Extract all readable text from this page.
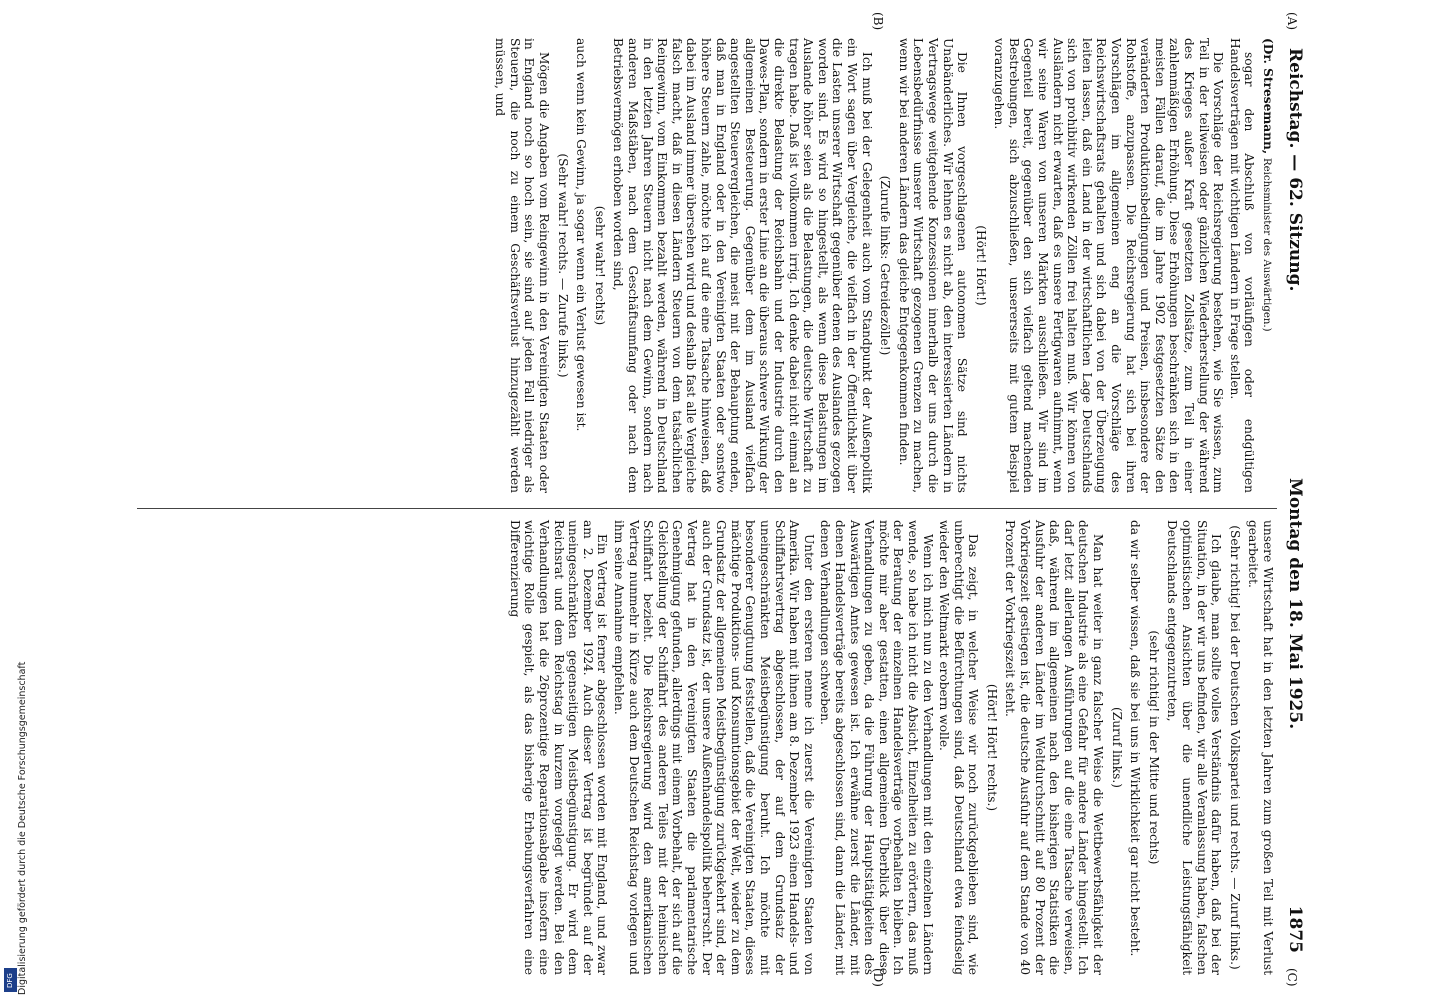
Reichstag. — 62. Sitzung.
Montag den 18. Mai 1925.
1875

(Dr. Stresemann, Reichsminister des Auswärtigen.)

sogar den Abschluß von vorläufigen oder endgültigen Handelsverträgen mit wichtigen Ländern in Frage stellen.

Die Vorschläge der Reichsregierung bestehen, wie Sie wissen, zum Teil in der teilweisen oder gänzlichen Wiederherstellung der während des Krieges außer Kraft gesetzten Zollsätze, zum Teil in einer zahlenmäßigen Erhöhung. Diese Erhöhungen beschränken sich in den meisten Fällen darauf, die im Jahre 1902 festgesetzten Sätze den veränderten Produktionsbedingungen und Preisen, insbesondere der Rohstoffe, anzupassen. Die Reichsregierung hat sich bei ihren Vorschlägen im allgemeinen eng an die Vorschläge des Reichswirtschaftsrats gehalten und sich dabei von der Überzeugung leiten lassen, daß ein Land in der wirtschaftlichen Lage Deutschlands sich von prohibitiv wirkenden Zöllen frei halten muß. Wir können von Ausländern nicht erwarten, daß es unsere Fertigwaren aufnimmt, wenn wir seine Waren von unseren Märkten ausschließen. Wir sind im Gegenteil bereit, gegenüber den sich vielfach geltend machenden Bestrebungen, sich abzuschließen, unsererseits mit gutem Beispiel voranzugehen.

(Hört! Hört!)

Die Ihnen vorgeschlagenen autonomen Sätze sind nichts Unabänderliches. Wir lehnen es nicht ab, den interessierten Ländern in Vertragswege weitgehende Konzessionen innerhalb der uns durch die Lebensbedürfnisse unserer Wirtschaft gezogenen Grenzen zu machen, wenn wir bei anderen Ländern das gleiche Entgegenkommen finden.

(Zurufe links: Getreidezölle!)

Ich muß bei der Gelegenheit auch vom Standpunkt der Außenpolitik ein Wort sagen über Vergleiche, die vielfach in der Öffentlichkeit über die Lasten unserer Wirtschaft gegenüber denen des Auslandes gezogen worden sind. Es wird so hingestellt, als wenn diese Belastungen im Auslande höher seien als die Belastungen, die deutsche Wirtschaft zu tragen habe. Daß ist vollkommen irrig. Ich denke dabei nicht einmal an die direkte Belastung der Reichsbahn und der Industrie durch den Dawes-Plan, sondern in erster Linie an die überaus schwere Wirkung der allgemeinen Besteuerung. Gegenüber dem im Ausland vielfach angestellten Steuervergleichen, die meist mit der Behauptung enden, daß man in England oder in den Vereinigten Staaten oder sonstwo höhere Steuern zahle, möchte ich auf die eine Tatsache hinweisen, daß dabei im Ausland immer übersehen wird und deshalb fast alle Vergleiche falsch macht, daß in diesen Ländern Steuern von dem tatsächlichen Reingewinn, vom Einkommen bezahlt werden, während in Deutschland in den letzten Jahren Steuern nicht nach dem Gewinn, sondern nach anderen Maßstäben, nach dem Geschäftsumfang oder nach dem Betriebsvermögen erhoben worden sind,

(sehr wahr! rechts)

auch wenn kein Gewinn, ja sogar wenn ein Verlust gewesen ist.

(Sehr wahr! rechts. — Zurufe links.)

Mögen die Angaben vom Reingewinn in den Vereinigten Staaten oder in England noch so hoch sein, sie sind auf jeden Fall niedriger als Steuern, die noch zu einem Geschäftsverlust hinzugezählt werden müssen, und

unsere Wirtschaft hat in den letzten Jahren zum großen Teil mit Verlust gearbeitet.

(Sehr richtig! bei der Deutschen Volkspartei und rechts. — Zuruf links.)

Ich glaube, man sollte volles Verständnis dafür haben, daß bei der Situation, in der wir uns befinden, wir alle Veranlassung haben, falschen optimistischen Ansichten über die unendliche Leistungsfähigkeit Deutschlands entgegenzutreten,

(sehr richtig! in der Mitte und rechts)

da wir selber wissen, daß sie bei uns in Wirklichkeit gar nicht besteht.

(Zuruf links.)

Man hat weiter in ganz falscher Weise die Wettbewerbsfähigkeit der deutschen Industrie als eine Gefahr für andere Länder hingestellt. Ich darf letzt allerlangen Ausführungen auf die eine Tatsache verweisen, daß, während im allgemeinen nach den bisherigen Statistiken die Ausfuhr der anderen Länder im Weltdurchschnitt auf 80 Prozent der Vorkriegszeit gestiegen ist, die deutsche Ausfuhr auf dem Stande von 40 Prozent der Vorkriegszeit steht.

(Hört! Hört! rechts.)

Das zeigt, in welcher Weise wir noch zurückgeblieben sind, wie unberechtigt die Befürchtungen sind, daß Deutschland etwa feindselig wieder den Weltmarkt erobern wolle.

Wenn ich mich nun zu den Verhandlungen mit den einzelnen Ländern wende, so habe ich nicht die Absicht, Einzelheiten zu erörtern, das muß der Beratung der einzelnen Handelsverträge vorbehalten bleiben. Ich möchte mir aber gestatten, einen allgemeinen Überblick über diese Verhandlungen zu geben, da die Führung der Hauptstätigkeiten des Auswärtigen Amtes gewesen ist. Ich erwähne zuerst die Länder, mit denen Handelsverträge bereits abgeschlossen sind, dann die Länder, mit denen Verhandlungen schweben.

Unter den ersteren nenne ich zuerst die Vereinigten Staaten von Amerika. Wir haben mit ihnen am 8. Dezember 1923 einen Handels- und Schiffahrtsvertrag abgeschlossen, der auf dem Grundsatz der uneingeschränkten Meistbegünstigung beruht. Ich möchte mit besonderer Genugtuung feststellen, daß die Vereinigten Staaten, dieses mächtige Produktions- und Konsumtionsgebiet der Welt, wieder zu dem Grundsatz der allgemeinen Meistbegünstigung zurückgekehrt sind, der auch der Grundsatz ist, der unsere Außenhandelspolitik beherrscht. Der Vertrag hat in den Vereinigten Staaten die parlamentarische Genehmigung gefunden, allerdings mit einem Vorbehalt, der sich auf die Gleichstellung der Schiffahrt des anderen Teiles mit der heimischen Schiffahrt bezieht. Die Reichsregierung wird den amerikanischen Vertrag nunmehr in Kürze auch dem Deutschen Reichstag vorlegen und ihm seine Annahme empfehlen.

Ein Vertrag ist ferner abgeschlossen worden mit England, und zwar am 2. Dezember 1924. Auch dieser Vertrag ist begründet auf der uneingeschränkten gegenseitigen Meistbegünstigung. Er wird dem Reichsrat und dem Reichstag in kurzem vorgelegt werden. Bei den Verhandlungen hat die 26prozentige Reparationsabgabe insofern eine wichtige Rolle gespielt, als das bisherige Erhebungsverfahren eine Differenzierung

(A)
(B)
(C)
(D)
Digitalisierung gefördert durch die Deutsche Forschungsgemeinschaft
DFG
